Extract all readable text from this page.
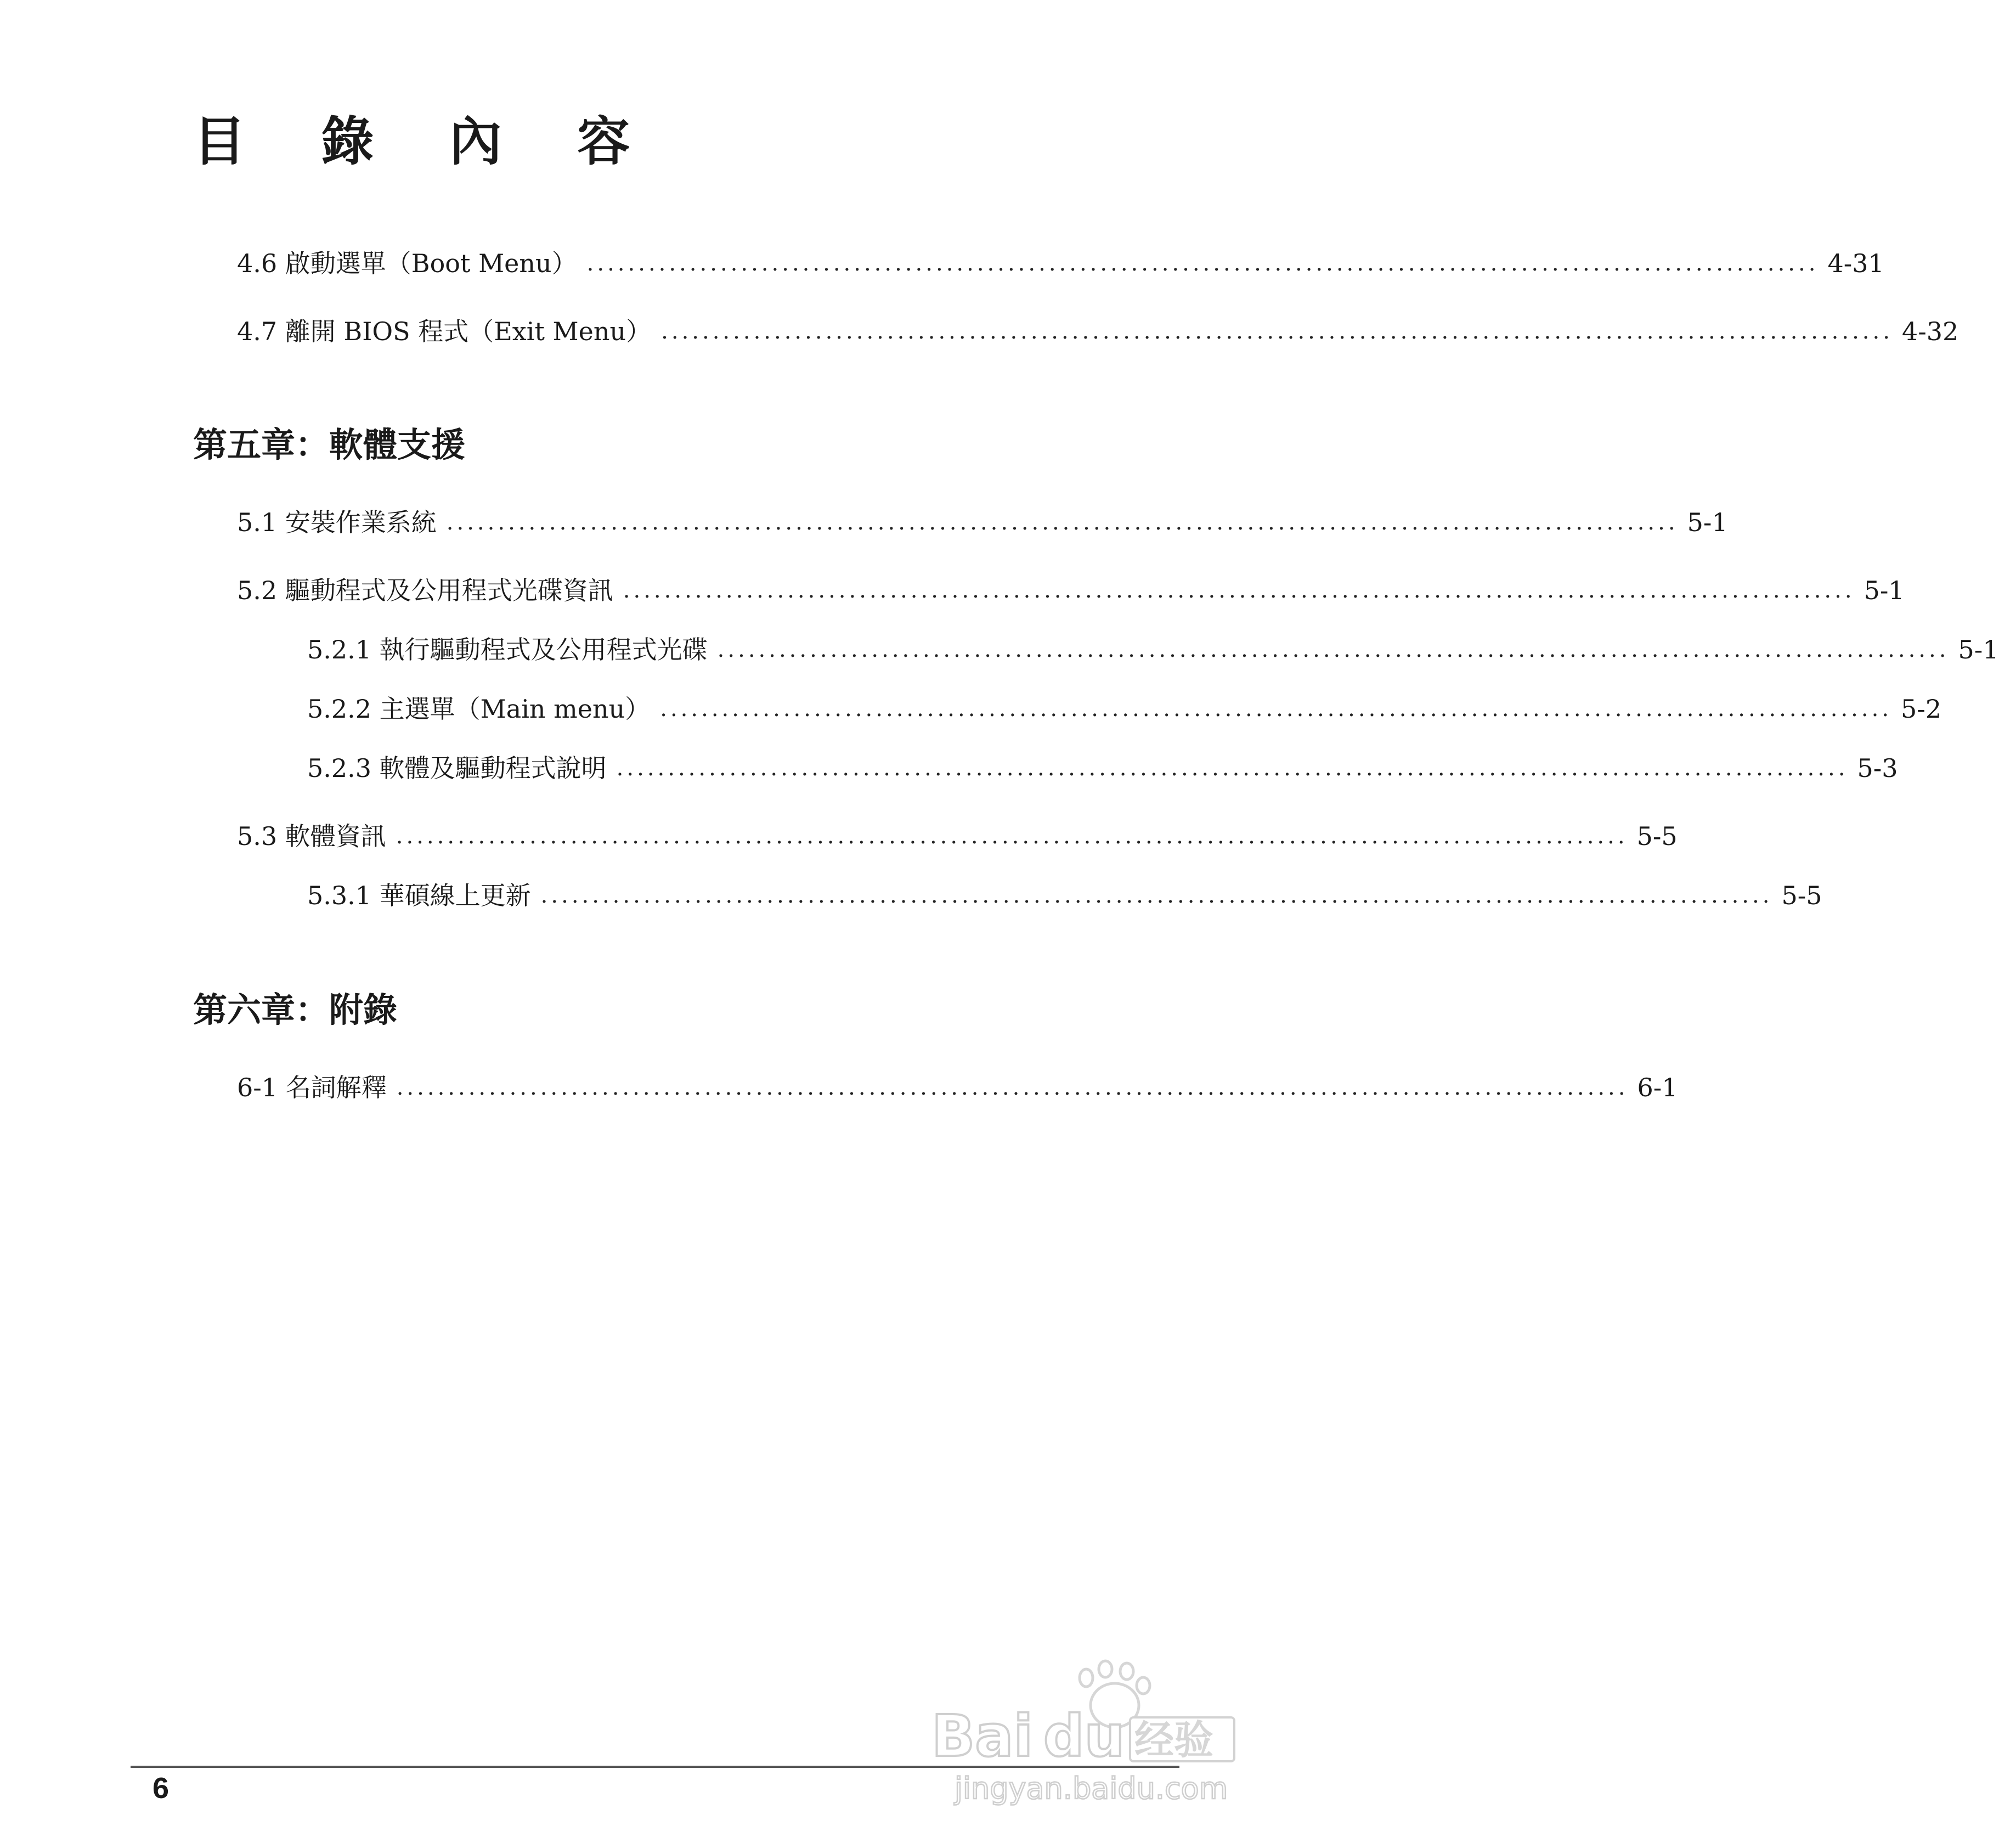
目 錄 內 容
4.6 啟動選單（Boot Menu） ........................................................................................................................ 4-31
4.7 離開 BIOS 程式（Exit Menu） ........................................................................................................................ 4-32
第五章：軟體支援
5.1 安裝作業系統 ........................................................................................................................ 5-1
5.2 驅動程式及公用程式光碟資訊 ........................................................................................................................ 5-1
5.2.1 執行驅動程式及公用程式光碟 ........................................................................................................................ 5-1
5.2.2 主選單（Main menu） ........................................................................................................................ 5-2
5.2.3 軟體及驅動程式說明 ........................................................................................................................ 5-3
5.3 軟體資訊 ........................................................................................................................ 5-5
5.3.1 華碩線上更新 ........................................................................................................................ 5-5
第六章：附錄
6-1 名詞解釋 ........................................................................................................................ 6-1
Bai du 经验
jingyan.baidu.com
6
